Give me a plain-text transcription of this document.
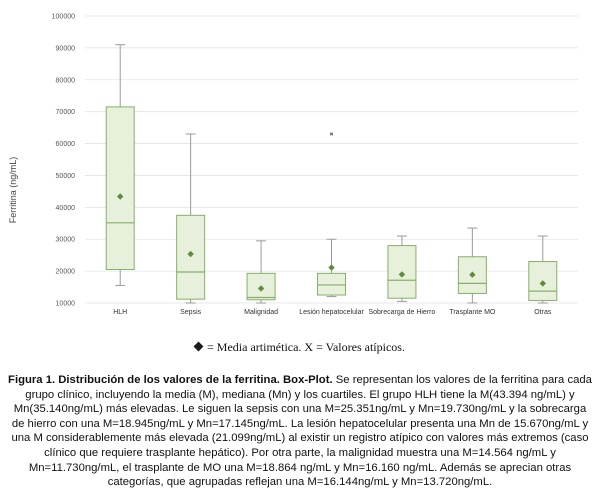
10000
20000
30000
40000
50000
60000
70000
80000
90000
100000
Ferritina (ng/mL)
HLH	Sepsis	Malignidad	Lesión hepatocelular Sobrecarga de Hierro Trasplante MO	Otras
= Media artimética. X = Valores atípicos.
Figura 1. Distribución de los valores de la ferritina. Box-Plot. Se representan los valores de la ferritina para cada grupo clínico, incluyendo la media (M), mediana (Mn) y los cuartiles. El grupo HLH tiene la M(43.394 ng/mL) y Mn(35.140ng/mL) más elevadas. Le siguen la sepsis con una M=25.351ng/mL y Mn=19.730ng/mL y la sobrecarga de hierro con una M=18.945ng/mL y Mn=17.145ng/mL. La lesión hepatocelular presenta una Mn de 15.670ng/mL y una M considerablemente más elevada (21.099ng/mL) al existir un registro atípico con valores más extremos (caso clínico que requiere trasplante hepático). Por otra parte, la malignidad muestra una M=14.564 ng/mL y Mn=11.730ng/mL, el trasplante de MO una M=18.864 ng/mL y Mn=16.160 ng/mL. Además se aprecian otras categorías, que agrupadas reflejan una M=16.144ng/mL y Mn=13.720ng/mL.
